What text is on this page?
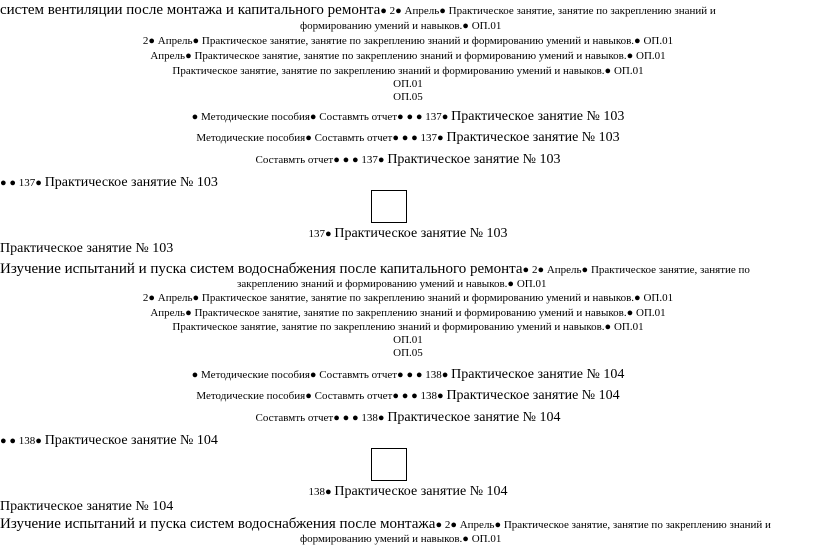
систем вентиляции после монтажа и капитального ремонта● 2● Апрель● Практическое занятие, занятие по закреплению знаний и
формированию умений и навыков.● ОП.01
2● Апрель● Практическое занятие, занятие по закреплению знаний и формированию умений и навыков.● ОП.01
Апрель● Практическое занятие, занятие по закреплению знаний и формированию умений и навыков.● ОП.01
Практическое занятие, занятие по закреплению знаний и формированию умений и навыков.● ОП.01
ОП.01
ОП.05
● Методические пособия● Составмть отчет● ● ● 137● Практическое занятие № 103
Методические пособия● Составмть отчет● ● ● 137● Практическое занятие № 103
Составмть отчет● ● ● 137● Практическое занятие № 103
● ● 137● Практическое занятие № 103
137● Практическое занятие № 103
Практическое занятие № 103
Изучение испытаний и пуска систем водоснабжения после капитального ремонта● 2● Апрель● Практическое занятие, занятие по
закреплению знаний и формированию умений и навыков.● ОП.01
2● Апрель● Практическое занятие, занятие по закреплению знаний и формированию умений и навыков.● ОП.01
Апрель● Практическое занятие, занятие по закреплению знаний и формированию умений и навыков.● ОП.01
Практическое занятие, занятие по закреплению знаний и формированию умений и навыков.● ОП.01
ОП.01
ОП.05
● Методические пособия● Составмть отчет● ● ● 138● Практическое занятие № 104
Методические пособия● Составмть отчет● ● ● 138● Практическое занятие № 104
Составмть отчет● ● ● 138● Практическое занятие № 104
● ● 138● Практическое занятие № 104
138● Практическое занятие № 104
Практическое занятие № 104
Изучение испытаний и пуска систем водоснабжения после монтажа● 2● Апрель● Практическое занятие, занятие по закреплению знаний и
формированию умений и навыков.● ОП.01
